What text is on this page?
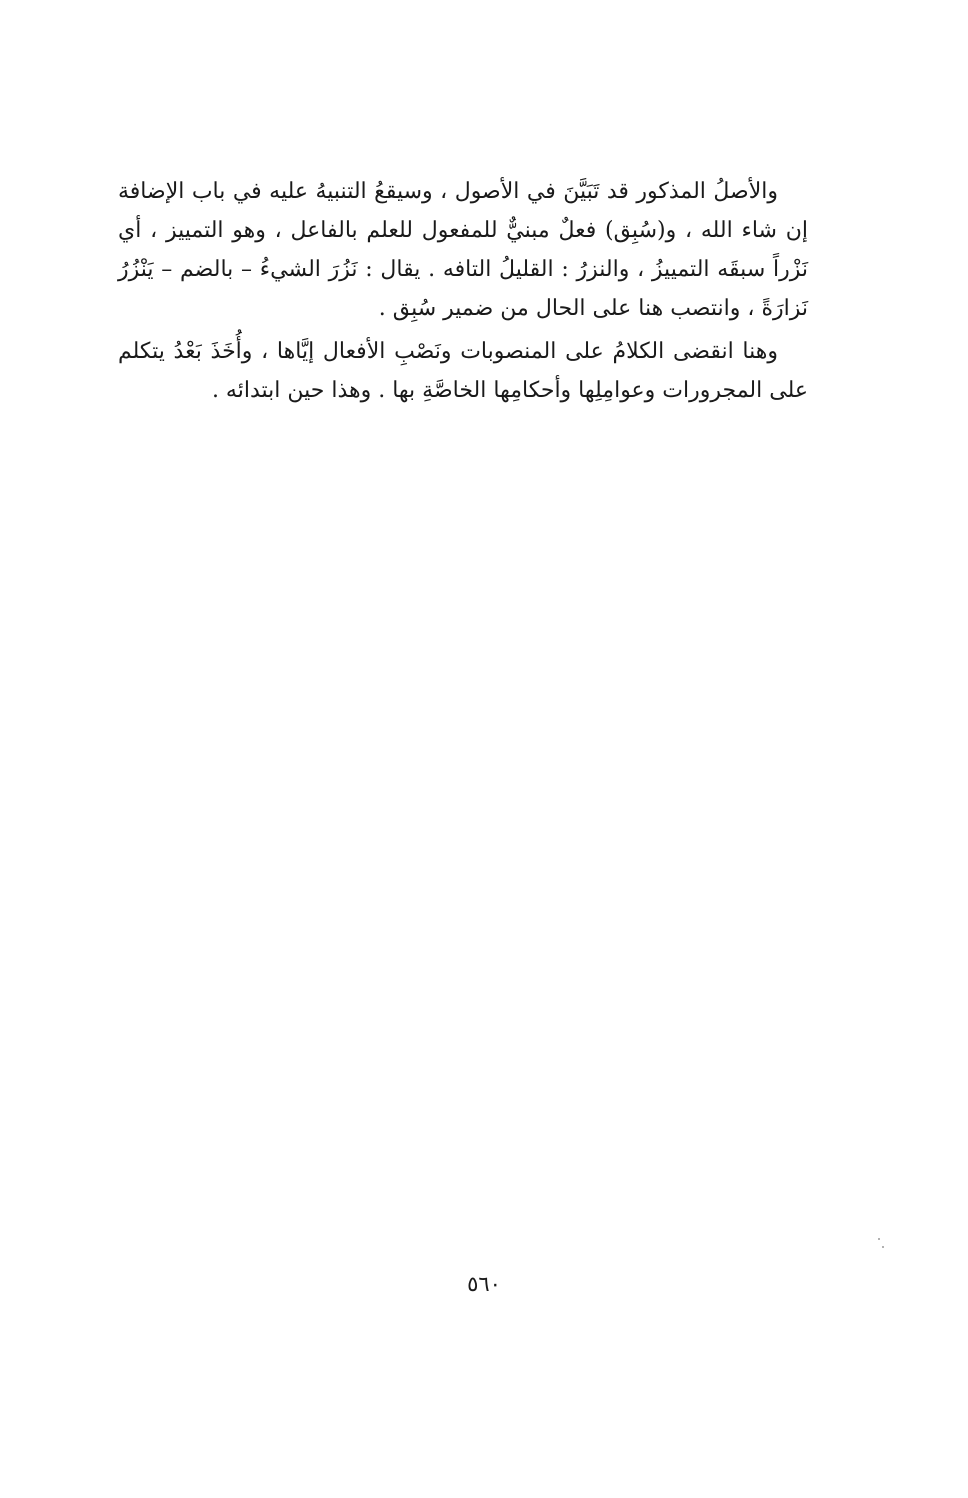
والأصلُ المذكور قد تَبَيَّنَ في الأصول ، وسيقعُ التنبيهُ عليه في باب الإضافة إن شاء الله ، و(سُبِق) فعلٌ مبنيٌّ للمفعول للعلم بالفاعل ، وهو التمييز ، أي نَزْراً سبقَه التمييزُ ، والنزرُ : القليلُ التافه . يقال : نَزُرَ الشيءُ – بالضم – يَنْزُرُ نَزارَةً ، وانتصب هنا على الحال من ضمير سُبِق .

وهنا انقضى الكلامُ على المنصوبات ونَصْبِ الأفعال إيَّاها ، وأُخَذَ بَعْدُ يتكلم على المجرورات وعوامِلِها وأحكامِها الخاصَّةِ بها . وهذا حين ابتدائه .

٥٦٠
